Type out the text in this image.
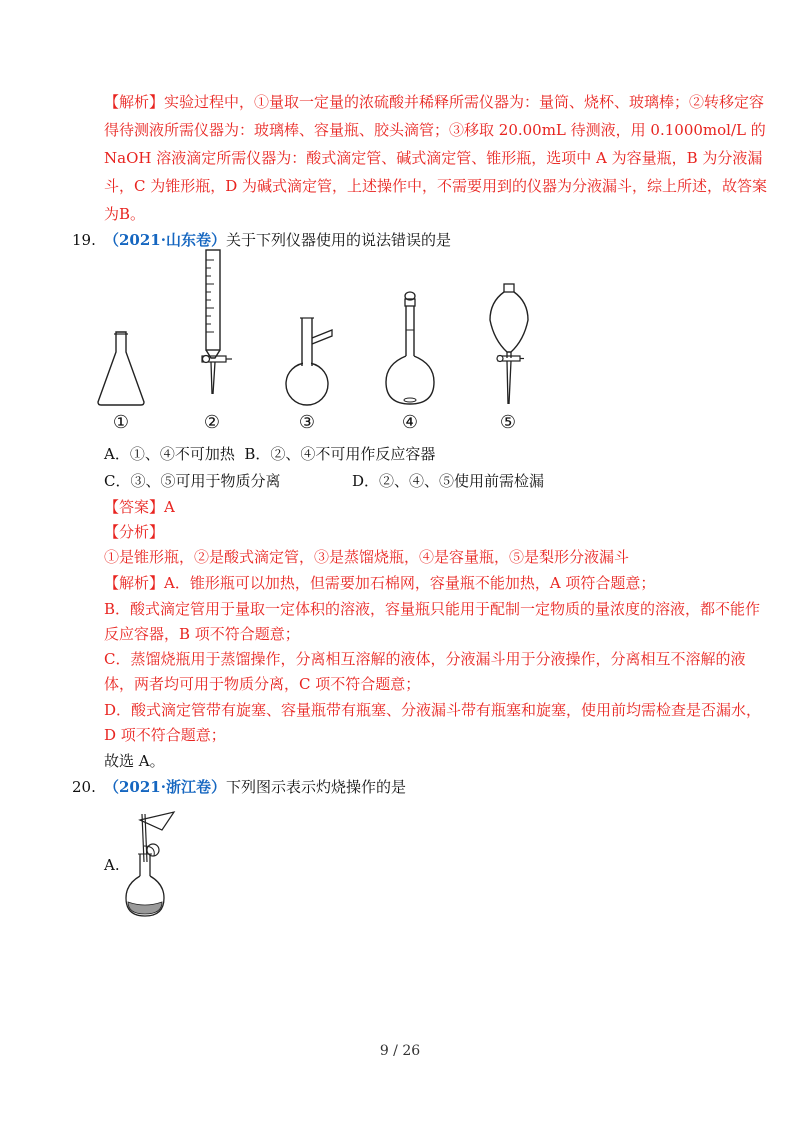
【解析】实验过程中，①量取一定量的浓硫酸并稀释所需仪器为：量筒、烧杯、玻璃棒；②转移定容
得待测液所需仪器为：玻璃棒、容量瓶、胶头滴管；③移取 20.00mL 待测液，用 0.1000mol/L 的
NaOH 溶液滴定所需仪器为：酸式滴定管、碱式滴定管、锥形瓶，选项中 A 为容量瓶，B 为分液漏
斗，C 为锥形瓶，D 为碱式滴定管，上述操作中，不需要用到的仪器为分液漏斗，综上所述，故答案
为B。
19. （2021·山东卷）关于下列仪器使用的说法错误的是
①	②	③	④	⑤
A．①、④不可加热 B．②、④不可用作反应容器
C．③、⑤可用于物质分离	D．②、④、⑤使用前需检漏
【答案】A
【分析】
①是锥形瓶，②是酸式滴定管，③是蒸馏烧瓶，④是容量瓶，⑤是梨形分液漏斗
【解析】A．锥形瓶可以加热，但需要加石棉网，容量瓶不能加热，A 项符合题意；
B．酸式滴定管用于量取一定体积的溶液，容量瓶只能用于配制一定物质的量浓度的溶液，都不能作
反应容器，B 项不符合题意；
C．蒸馏烧瓶用于蒸馏操作，分离相互溶解的液体，分液漏斗用于分液操作，分离相互不溶解的液
体，两者均可用于物质分离，C 项不符合题意；
D．酸式滴定管带有旋塞、容量瓶带有瓶塞、分液漏斗带有瓶塞和旋塞，使用前均需检查是否漏水，
D 项不符合题意；
故选 A。
20. （2021·浙江卷）下列图示表示灼烧操作的是
A.
9 / 26
